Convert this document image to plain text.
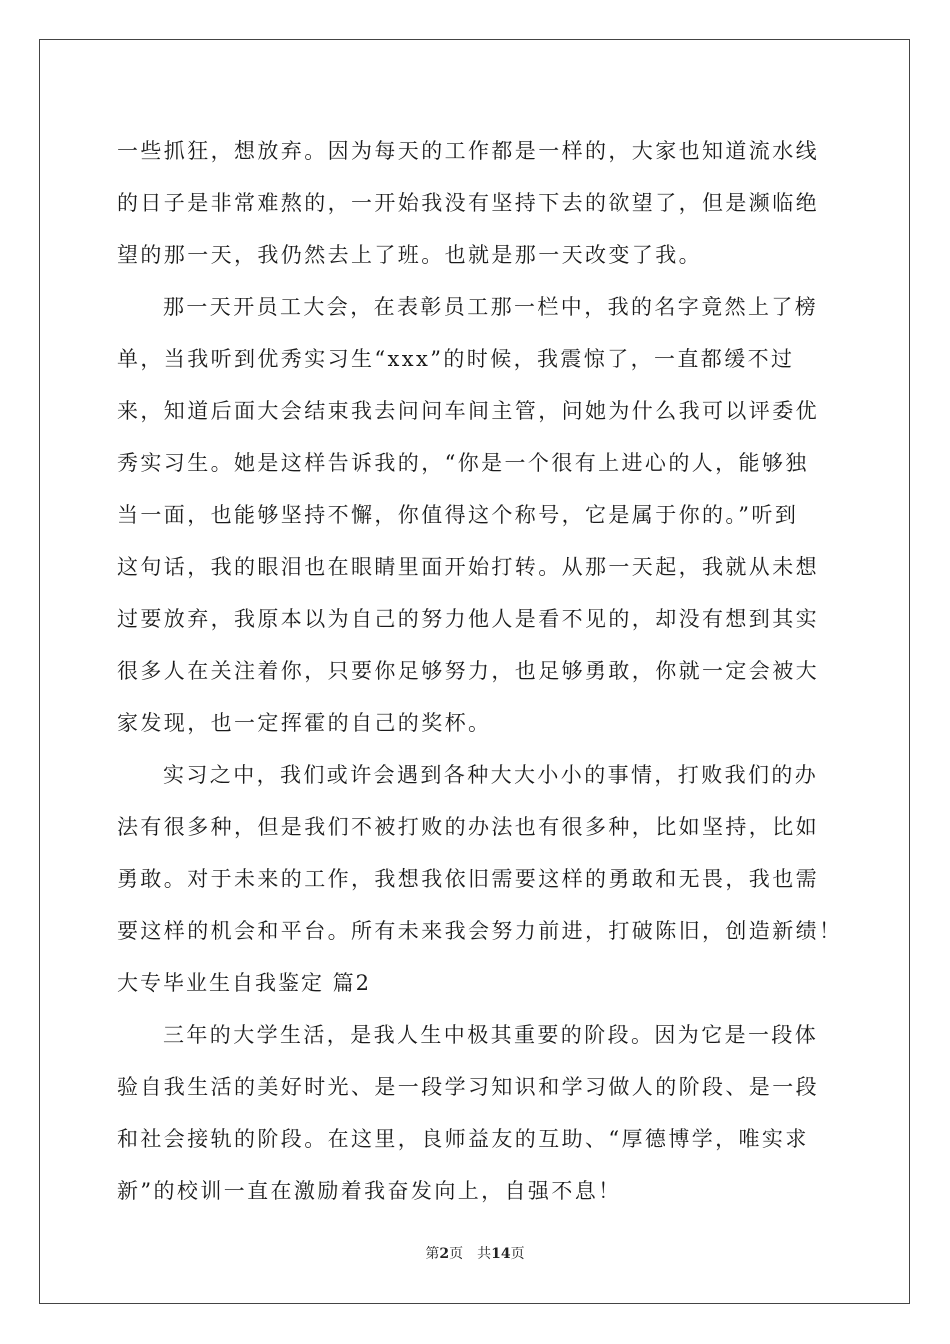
一些抓狂，想放弃。因为每天的工作都是一样的，大家也知道流水线
的日子是非常难熬的，一开始我没有坚持下去的欲望了，但是濒临绝
望的那一天，我仍然去上了班。也就是那一天改变了我。
那一天开员工大会，在表彰员工那一栏中，我的名字竟然上了榜
单，当我听到优秀实习生“xxx”的时候，我震惊了，一直都缓不过
来，知道后面大会结束我去问问车间主管，问她为什么我可以评委优
秀实习生。她是这样告诉我的，“你是一个很有上进心的人，能够独
当一面，也能够坚持不懈，你值得这个称号，它是属于你的。”听到
这句话，我的眼泪也在眼睛里面开始打转。从那一天起，我就从未想
过要放弃，我原本以为自己的努力他人是看不见的，却没有想到其实
很多人在关注着你，只要你足够努力，也足够勇敢，你就一定会被大
家发现，也一定挥霍的自己的奖杯。
实习之中，我们或许会遇到各种大大小小的事情，打败我们的办
法有很多种，但是我们不被打败的办法也有很多种，比如坚持，比如
勇敢。对于未来的工作，我想我依旧需要这样的勇敢和无畏，我也需
要这样的机会和平台。所有未来我会努力前进，打破陈旧，创造新绩！
大专毕业生自我鉴定 篇2
三年的大学生活，是我人生中极其重要的阶段。因为它是一段体
验自我生活的美好时光、是一段学习知识和学习做人的阶段、是一段
和社会接轨的阶段。在这里，良师益友的互助、“厚德博学，唯实求
新”的校训一直在激励着我奋发向上，自强不息！
第2页 共14页
